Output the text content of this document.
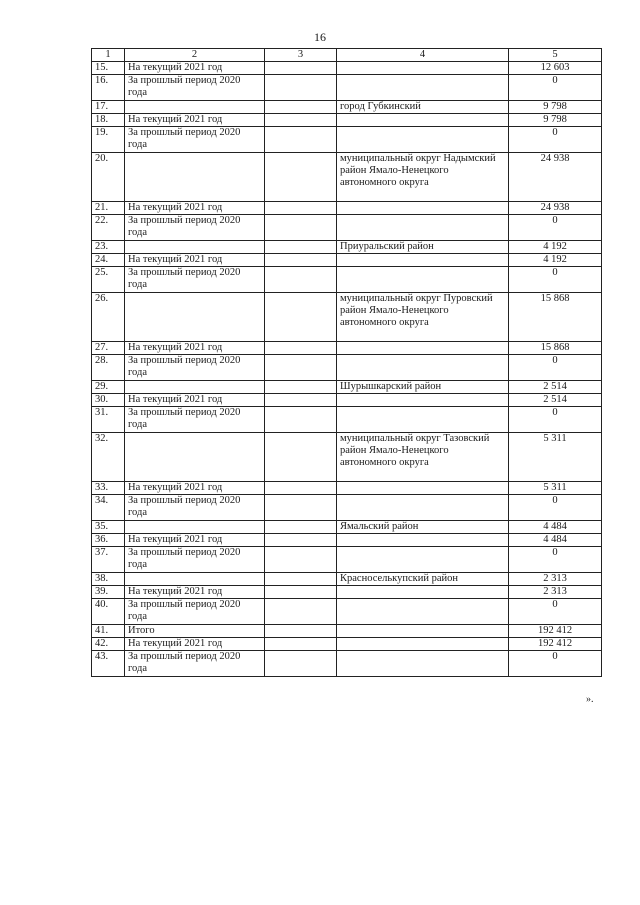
16
1	2	3	4	5
15.	На текущий 2021 год			12 603
16.	За прошлый период 2020 года			0
17.			город Губкинский	9 798
18.	На текущий 2021 год			9 798
19.	За прошлый период 2020 года			0
20.			муниципальный округ Надымский район Ямало-Ненецкого автономного округа	24 938
21.	На текущий 2021 год			24 938
22.	За прошлый период 2020 года			0
23.			Приуральский район	4 192
24.	На текущий 2021 год			4 192
25.	За прошлый период 2020 года			0
26.			муниципальный округ Пуровский район Ямало-Ненецкого автономного округа	15 868
27.	На текущий 2021 год			15 868
28.	За прошлый период 2020 года			0
29.			Шурышкарский район	2 514
30.	На текущий 2021 год			2 514
31.	За прошлый период 2020 года			0
32.			муниципальный округ Тазовский район Ямало-Ненецкого автономного округа	5 311
33.	На текущий 2021 год			5 311
34.	За прошлый период 2020 года			0
35.			Ямальский район	4 484
36.	На текущий 2021 год			4 484
37.	За прошлый период 2020 года			0
38.			Красноселькупский район	2 313
39.	На текущий 2021 год			2 313
40.	За прошлый период 2020 года			0
41.	Итого			192 412
42.	На текущий 2021 год			192 412
43.	За прошлый период 2020 года			0
».
